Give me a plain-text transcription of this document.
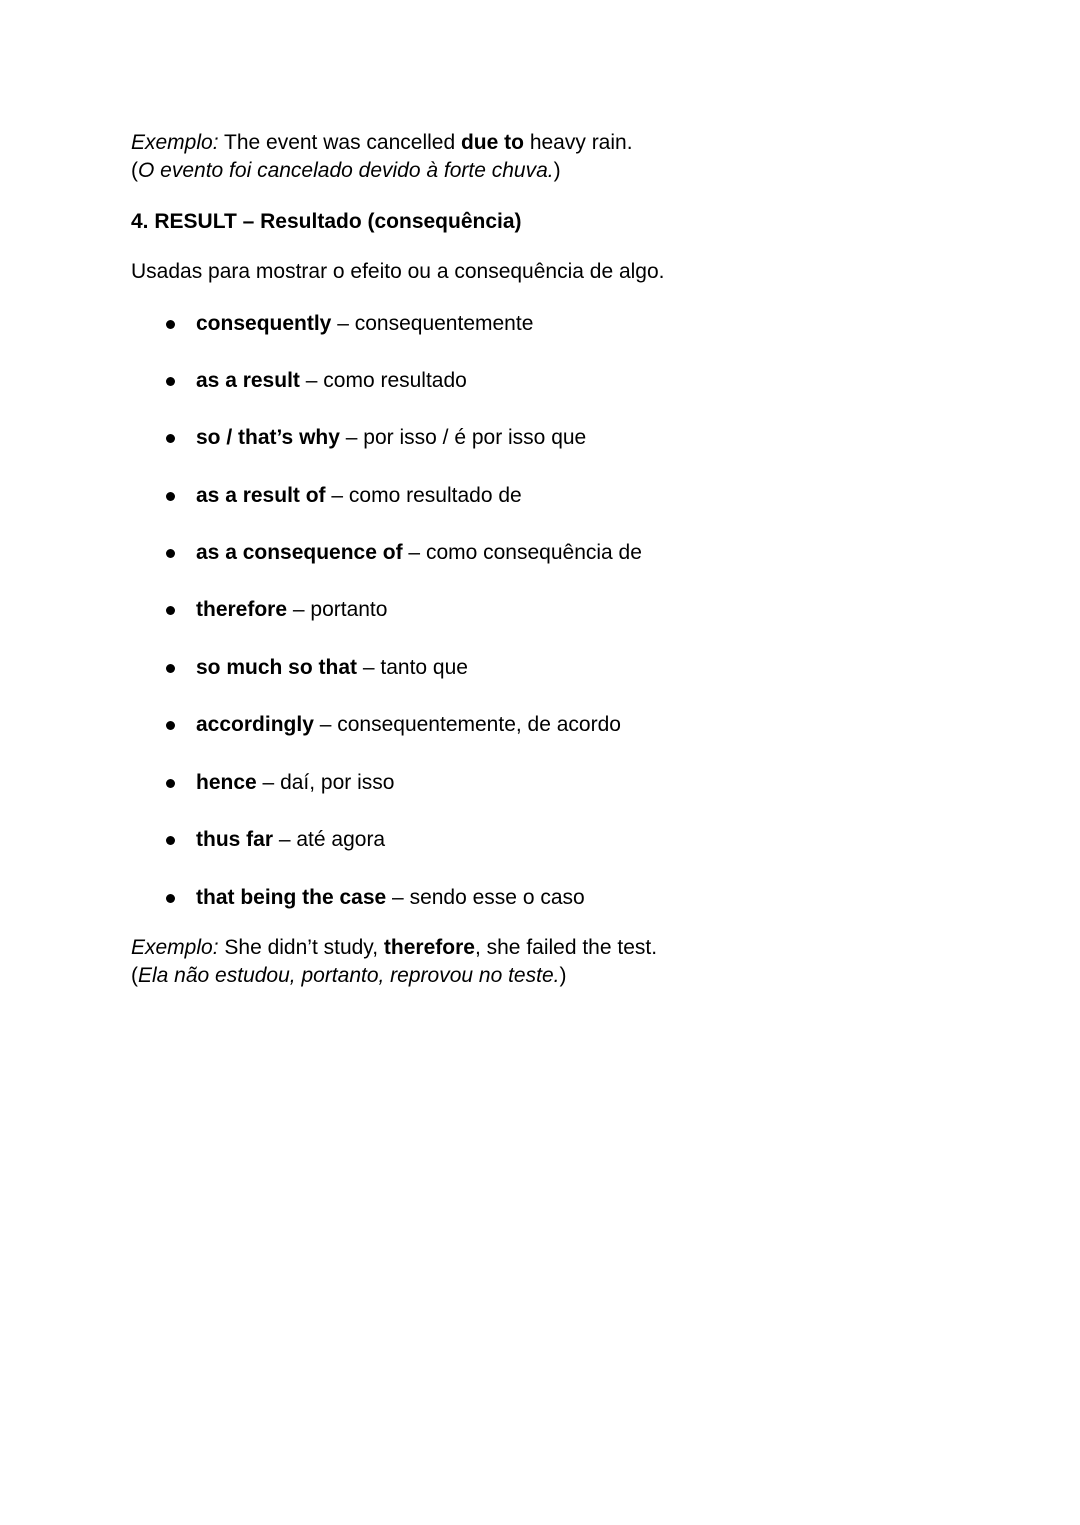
Exemplo: The event was cancelled due to heavy rain.
(O evento foi cancelado devido à forte chuva.)
4. RESULT – Resultado (consequência)
Usadas para mostrar o efeito ou a consequência de algo.
consequently – consequentemente
as a result – como resultado
so / that’s why – por isso / é por isso que
as a result of – como resultado de
as a consequence of – como consequência de
therefore – portanto
so much so that – tanto que
accordingly – consequentemente, de acordo
hence – daí, por isso
thus far – até agora
that being the case – sendo esse o caso
Exemplo: She didn’t study, therefore, she failed the test.
(Ela não estudou, portanto, reprovou no teste.)
